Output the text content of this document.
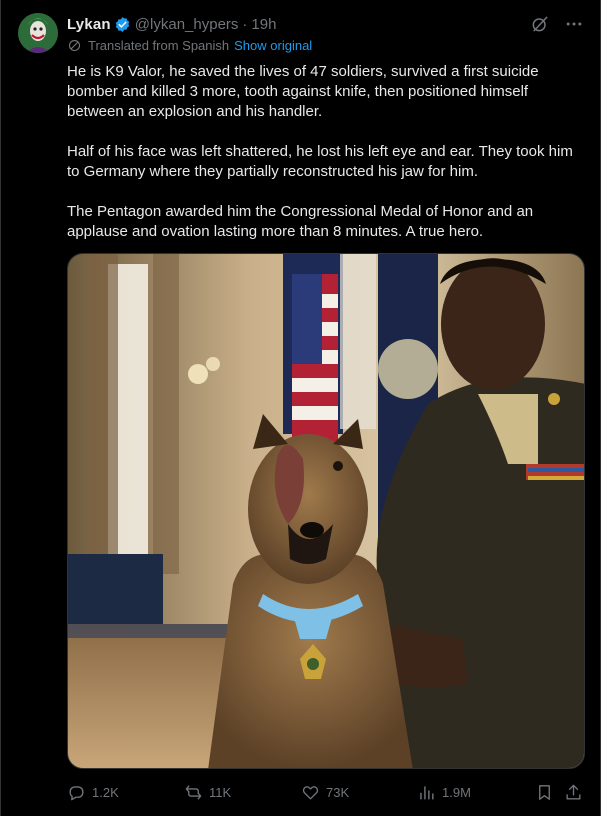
Lykan @lykan_hypers · 19h
Translated from Spanish Show original

He is K9 Valor, he saved the lives of 47 soldiers, survived a first suicide bomber and killed 3 more, tooth against knife, then positioned himself between an explosion and his handler.

Half of his face was left shattered, he lost his left eye and ear. They took him to Germany where they partially reconstructed his jaw for him.

The Pentagon awarded him the Congressional Medal of Honor and an applause and ovation lasting more than 8 minutes. A true hero.

1.2K	11K	73K	1.9M
